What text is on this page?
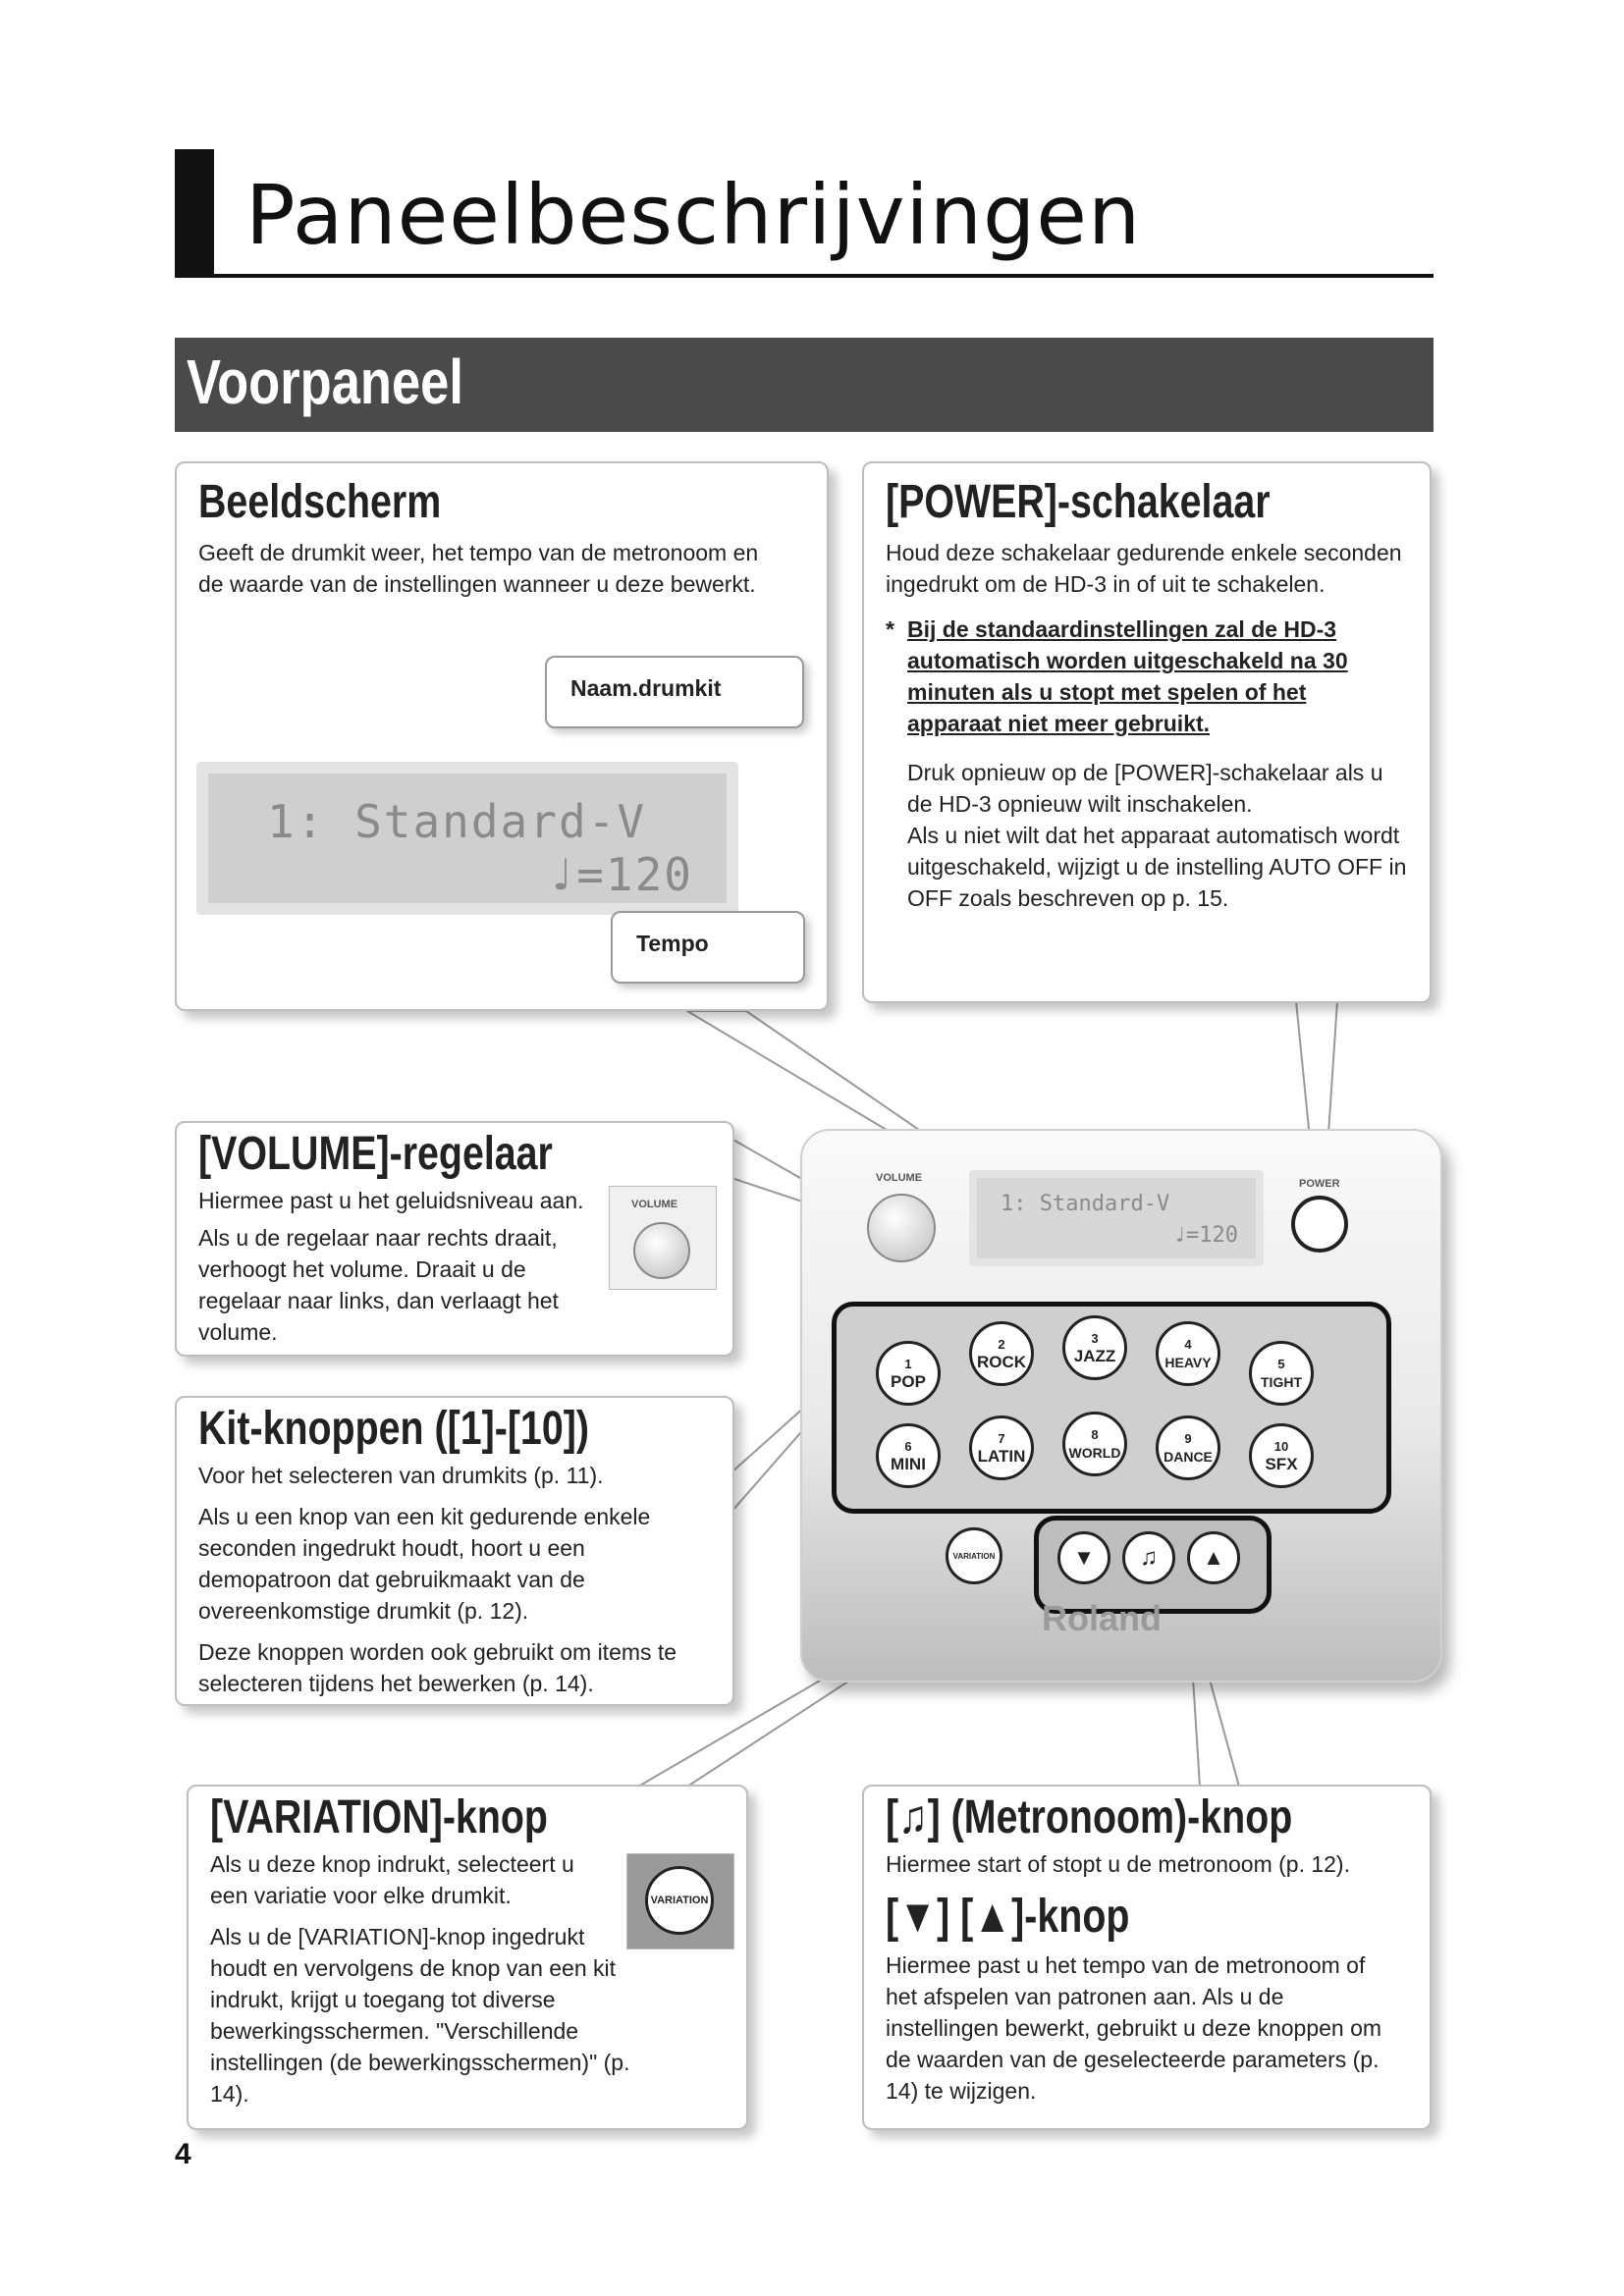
Paneelbeschrijvingen
Voorpaneel
Beeldscherm

Geeft de drumkit weer, het tempo van de metronoom en de waarde van de instellingen wanneer u deze bewerkt.

Naam.drumkit
1: Standard-V
♩=120
Tempo
[POWER]-schakelaar

Houd deze schakelaar gedurende enkele seconden ingedrukt om de HD-3 in of uit te schakelen.

* Bij de standaardinstellingen zal de HD-3 automatisch worden uitgeschakeld na 30 minuten als u stopt met spelen of het apparaat niet meer gebruikt.

Druk opnieuw op de [POWER]-schakelaar als u de HD-3 opnieuw wilt inschakelen.

Als u niet wilt dat het apparaat automatisch wordt uitgeschakeld, wijzigt u de instelling AUTO OFF in OFF zoals beschreven op p. 15.

[VOLUME]-regelaar

Hiermee past u het geluidsniveau aan.

Als u de regelaar naar rechts draait, verhoogt het volume. Draait u de regelaar naar links, dan verlaagt het volume.

VOLUME
Kit-knoppen ([1]-[10])

Voor het selecteren van drumkits (p. 11).

Als u een knop van een kit gedurende enkele seconden ingedrukt houdt, hoort u een demopatroon dat gebruikmaakt van de overeenkomstige drumkit (p. 12).

Deze knoppen worden ook gebruikt om items te selecteren tijdens het bewerken (p. 14).

[VARIATION]-knop

Als u deze knop indrukt, selecteert u een variatie voor elke drumkit.

Als u de [VARIATION]-knop ingedrukt houdt en vervolgens de knop van een kit indrukt, krijgt u toegang tot diverse bewerkingsschermen. "Verschillende instellingen (de bewerkingsschermen)" (p. 14).

VARIATION
[♫] (Metronoom)-knop

Hiermee start of stopt u de metronoom (p. 12).

[▼] [▲]-knop

Hiermee past u het tempo van de metronoom of het afspelen van patronen aan. Als u de instellingen bewerkt, gebruikt u deze knoppen om de waarden van de geselecteerde parameters (p. 14) te wijzigen.

VOLUME
1: Standard-V
♩=120
POWER
1
POP
2
ROCK
3
JAZZ
4
HEAVY	5
TIGHT
6
MINI
7
LATIN
8
WORLD
9
DANCE
10
SFX
VARIATION	▼	♫	▲
Roland
4
